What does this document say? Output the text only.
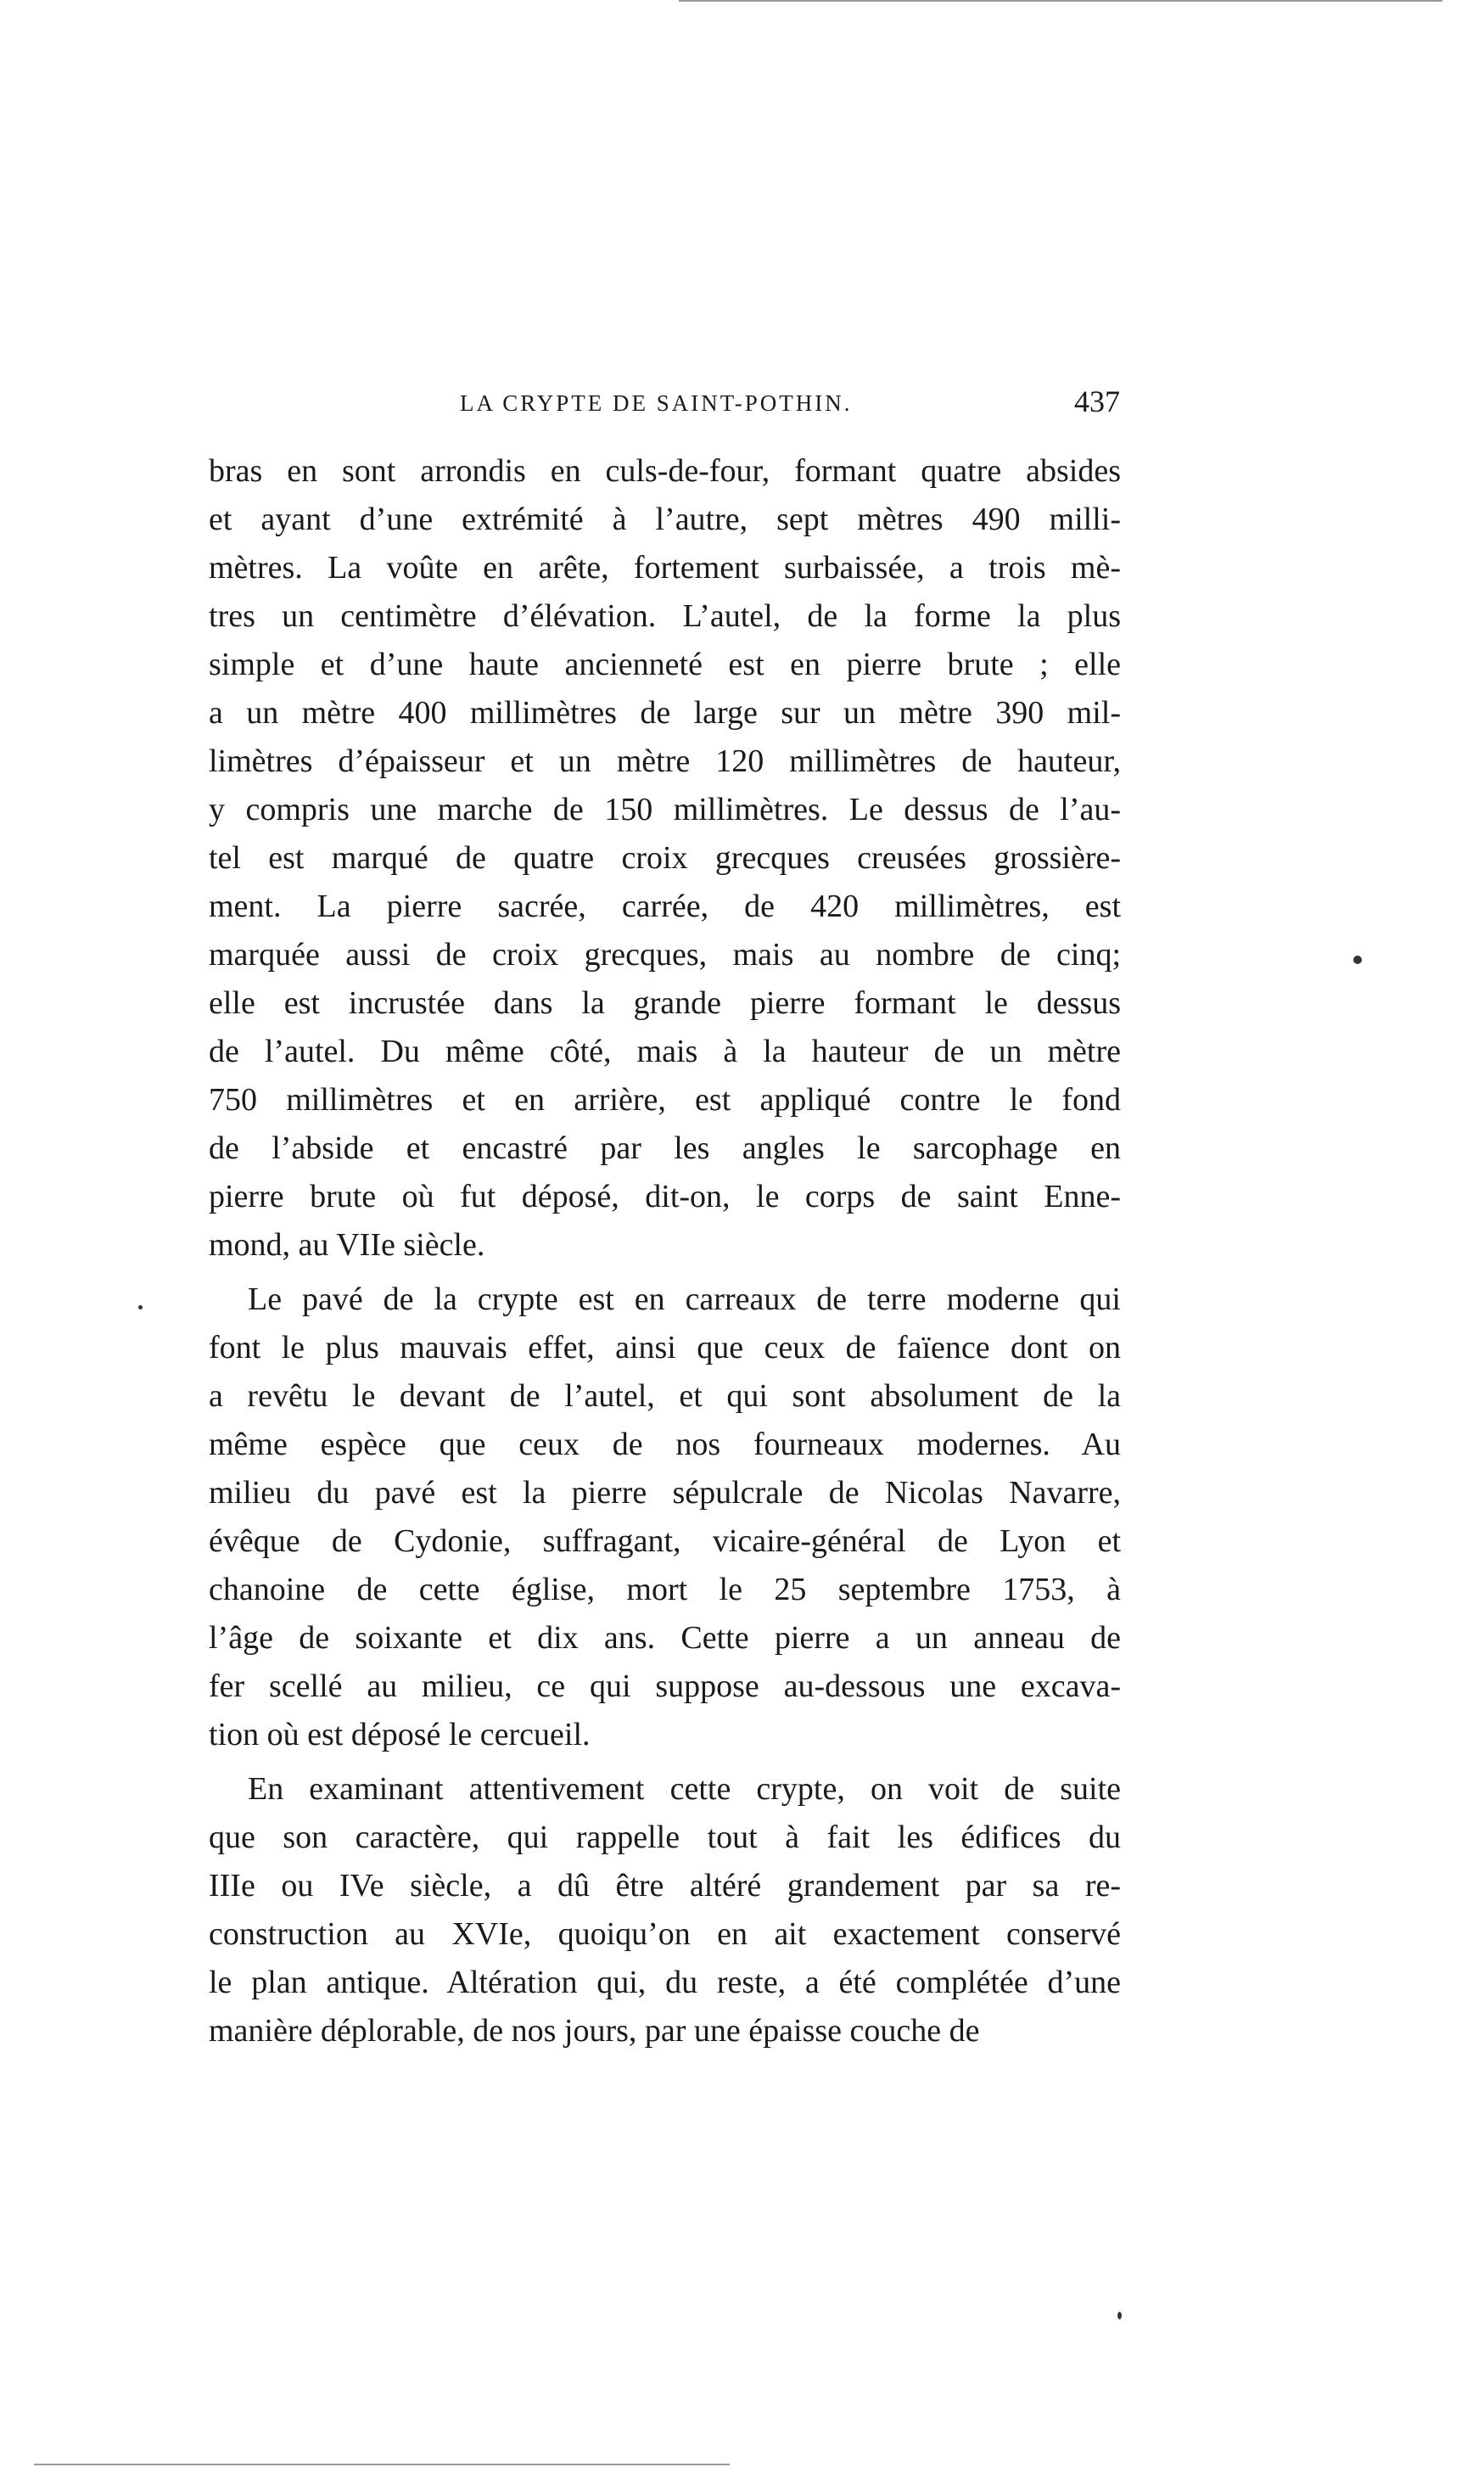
LA CRYPTE DE SAINT-POTHIN.	437
bras en sont arrondis en culs-de-four, formant quatre absides
et ayant d’une extrémité à l’autre, sept mètres 490 milli-
mètres. La voûte en arête, fortement surbaissée, a trois mè-
tres un centimètre d’élévation. L’autel, de la forme la plus
simple et d’une haute ancienneté est en pierre brute ; elle
a un mètre 400 millimètres de large sur un mètre 390 mil-
limètres d’épaisseur et un mètre 120 millimètres de hauteur,
y compris une marche de 150 millimètres. Le dessus de l’au-
tel est marqué de quatre croix grecques creusées grossière-
ment. La pierre sacrée, carrée, de 420 millimètres, est
marquée aussi de croix grecques, mais au nombre de cinq;
elle est incrustée dans la grande pierre formant le dessus
de l’autel. Du même côté, mais à la hauteur de un mètre
750 millimètres et en arrière, est appliqué contre le fond
de l’abside et encastré par les angles le sarcophage en
pierre brute où fut déposé, dit-on, le corps de saint Enne-
mond, au VIIe siècle.
Le pavé de la crypte est en carreaux de terre moderne qui
font le plus mauvais effet, ainsi que ceux de faïence dont on
a revêtu le devant de l’autel, et qui sont absolument de la
même espèce que ceux de nos fourneaux modernes. Au
milieu du pavé est la pierre sépulcrale de Nicolas Navarre,
évêque de Cydonie, suffragant, vicaire-général de Lyon et
chanoine de cette église, mort le 25 septembre 1753, à
l’âge de soixante et dix ans. Cette pierre a un anneau de
fer scellé au milieu, ce qui suppose au-dessous une excava-
tion où est déposé le cercueil.
En examinant attentivement cette crypte, on voit de suite
que son caractère, qui rappelle tout à fait les édifices du
IIIe ou IVe siècle, a dû être altéré grandement par sa re-
construction au XVIe, quoiqu’on en ait exactement conservé
le plan antique. Altération qui, du reste, a été complétée d’une
manière déplorable, de nos jours, par une épaisse couche de
